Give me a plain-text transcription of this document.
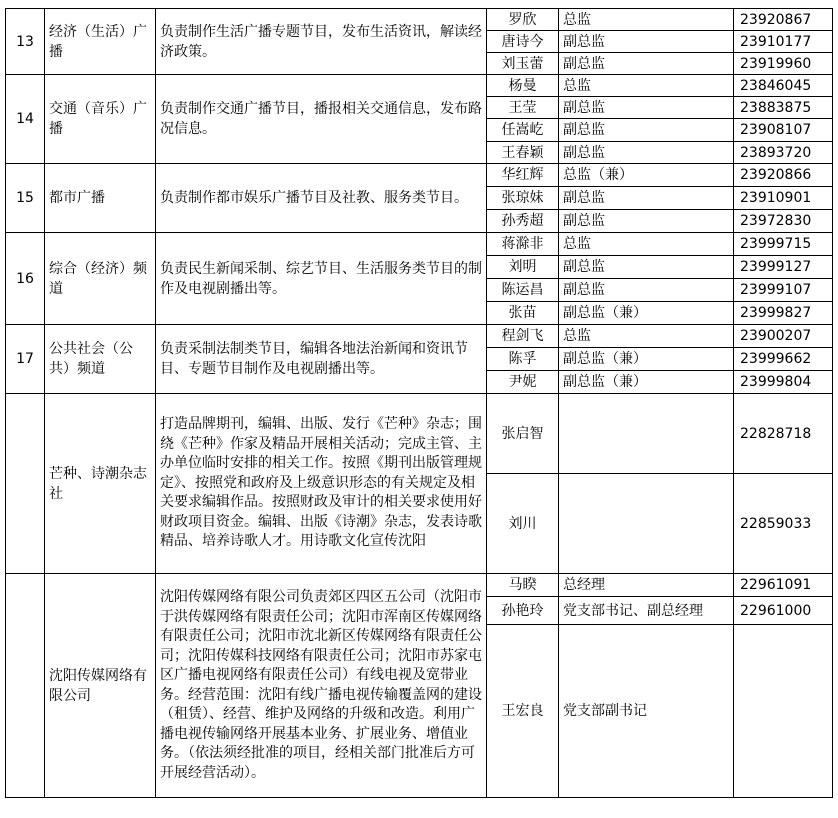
13	经济（生活）广播	负责制作生活广播专题节目，发布生活资讯，解读经济政策。	罗欣	总监	23920867
			唐诗今	副总监	23910177
			刘玉蕾	副总监	23919960
14	交通（音乐）广播	负责制作交通广播节目，播报相关交通信息，发布路况信息。	杨曼	总监	23846045
			王莹	副总监	23883875
			任嵩屹	副总监	23908107
			王春颖	副总监	23893720
15	都市广播	负责制作都市娱乐广播节目及社教、服务类节目。	华红辉	总监（兼）	23920866
			张琼妹	副总监	23910901
			孙秀超	副总监	23972830
16	综合（经济）频道	负责民生新闻采制、综艺节目、生活服务类节目的制作及电视剧播出等。	蒋滁非	总监	23999715
			刘明	副总监	23999127
			陈运昌	副总监	23999107
			张苗	副总监（兼）	23999827
17	公共社会（公共）频道	负责采制法制类节目，编辑各地法治新闻和资讯节目、专题节目制作及电视剧播出等。	程剑飞	总监	23900207
			陈孚	副总监（兼）	23999662
			尹妮	副总监（兼）	23999804
	芒种、诗潮杂志社	打造品牌期刊，编辑、出版、发行《芒种》杂志；围绕《芒种》作家及精品开展相关活动；完成主管、主办单位临时安排的相关工作。按照《期刊出版管理规定》、按照党和政府及上级意识形态的有关规定及相关要求编辑作品。按照财政及审计的相关要求使用好财政项目资金。编辑、出版《诗潮》杂志，发表诗歌精品、培养诗歌人才。用诗歌文化宣传沈阳	张启智		22828718
			刘川		22859033
	沈阳传媒网络有限公司	沈阳传媒网络有限公司负责郊区四区五公司（沈阳市于洪传媒网络有限责任公司；沈阳市浑南区传媒网络有限责任公司；沈阳市沈北新区传媒网络有限责任公司；沈阳传媒科技网络有限责任公司；沈阳市苏家屯区广播电视网络有限责任公司）有线电视及宽带业务。经营范围：沈阳有线广播电视传输覆盖网的建设（租赁）、经营、维护及网络的升级和改造。利用广播电视传输网络开展基本业务、扩展业务、增值业务。（依法须经批准的项目，经相关部门批准后方可开展经营活动）。	马睽	总经理	22961091
			孙艳玲	党支部书记、副总经理	22961000
			王宏良	党支部副书记	
